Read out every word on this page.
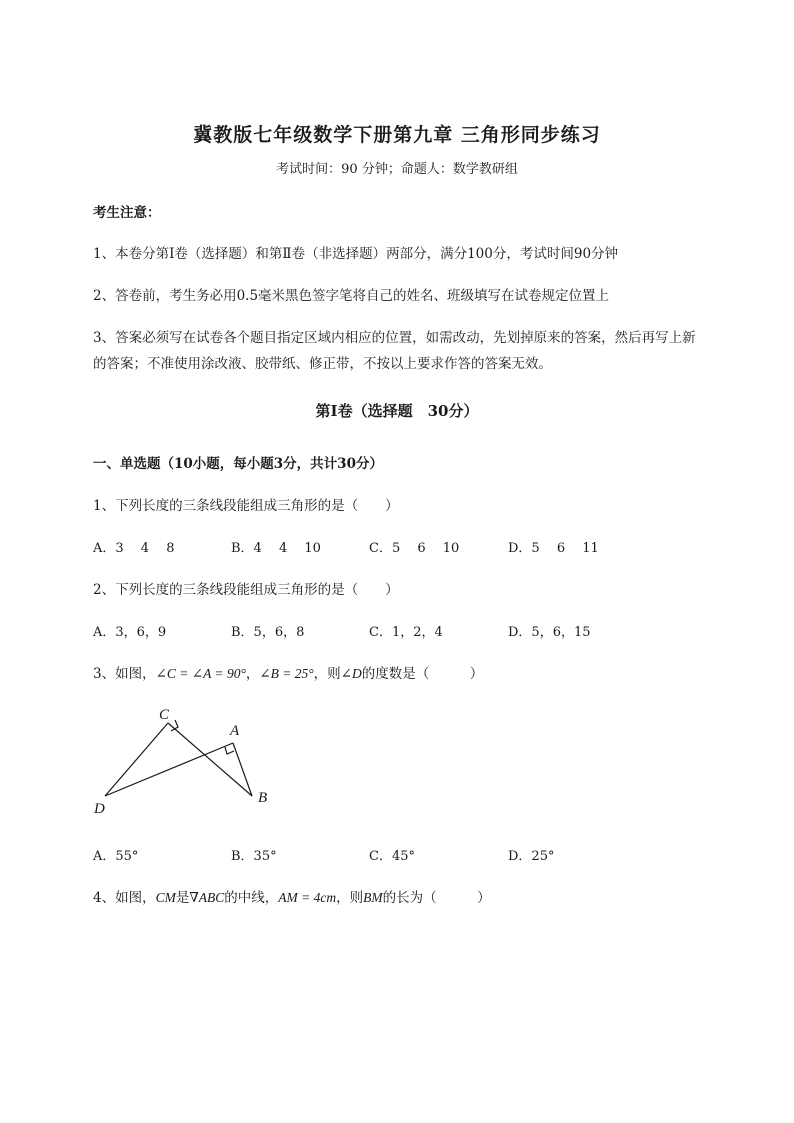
冀教版七年级数学下册第九章 三角形同步练习
考试时间：90 分钟；命题人：数学教研组
考生注意：
1、本卷分第Ⅰ卷（选择题）和第Ⅱ卷（非选择题）两部分，满分100分，考试时间90分钟
2、答卷前，考生务必用0.5毫米黑色签字笔将自己的姓名、班级填写在试卷规定位置上
3、答案必须写在试卷各个题目指定区域内相应的位置，如需改动，先划掉原来的答案，然后再写上新
的答案；不准使用涂改液、胶带纸、修正带，不按以上要求作答的答案无效。
第Ⅰ卷（选择题　30分）
一、单选题（10小题，每小题3分，共计30分）
1、下列长度的三条线段能组成三角形的是（　　）
A．3　 4　 8	B．4　 4　 10	C．5　 6　 10	D．5　 6　 11
2、下列长度的三条线段能组成三角形的是（　　）
A．3，6，9	B．5，6，8	C．1，2，4	D．5，6，15
3、如图，∠C = ∠A = 90°，∠B = 25°，则∠D的度数是（　　　）
C
A
D
B
A．55°	B．35°	C．45°	D．25°
4、如图，CM是∇ABC的中线，AM = 4cm，则BM的长为（　　　）
